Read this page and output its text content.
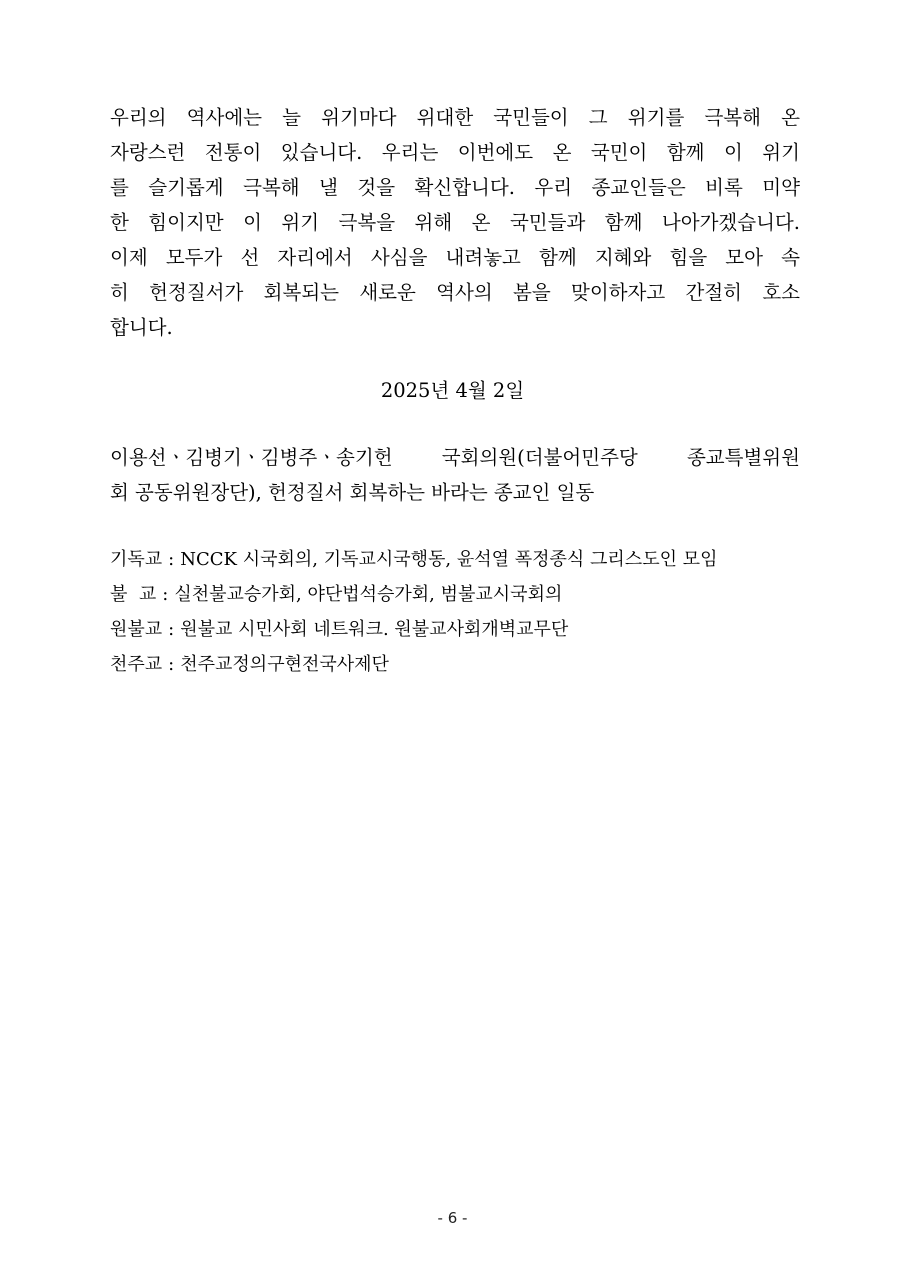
우리의 역사에는 늘 위기마다 위대한 국민들이 그 위기를 극복해 온
자랑스런 전통이 있습니다. 우리는 이번에도 온 국민이 함께 이 위기
를 슬기롭게 극복해 낼 것을 확신합니다. 우리 종교인들은 비록 미약
한 힘이지만 이 위기 극복을 위해 온 국민들과 함께 나아가겠습니다.
이제 모두가 선 자리에서 사심을 내려놓고 함께 지혜와 힘을 모아 속
히 헌정질서가 회복되는 새로운 역사의 봄을 맞이하자고 간절히 호소
합니다.
2025년 4월 2일
이용선ㆍ김병기ㆍ김병주ㆍ송기헌	국회의원(더불어민주당	종교특별위원
회 공동위원장단), 헌정질서 회복하는 바라는 종교인 일동
기독교 : NCCK 시국회의, 기독교시국행동, 윤석열 폭정종식 그리스도인 모임
불  교 : 실천불교승가회, 야단법석승가회, 범불교시국회의
원불교 : 원불교 시민사회 네트워크. 원불교사회개벽교무단
천주교 : 천주교정의구현전국사제단
- 6 -
